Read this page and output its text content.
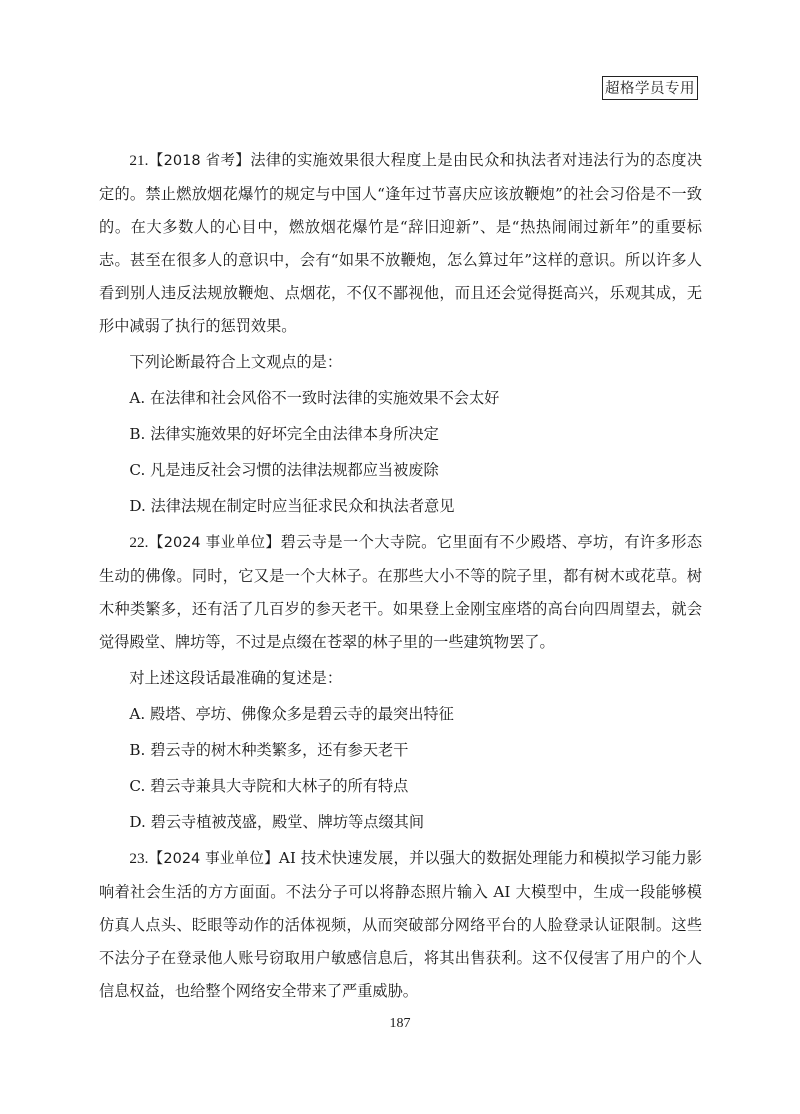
超格学员专用

21.【2018 省考】法律的实施效果很大程度上是由民众和执法者对违法行为的态度决定的。禁止燃放烟花爆竹的规定与中国人“逢年过节喜庆应该放鞭炮”的社会习俗是不一致的。在大多数人的心目中，燃放烟花爆竹是“辞旧迎新”、是“热热闹闹过新年”的重要标志。甚至在很多人的意识中，会有“如果不放鞭炮，怎么算过年”这样的意识。所以许多人看到别人违反法规放鞭炮、点烟花，不仅不鄙视他，而且还会觉得挺高兴，乐观其成，无形中减弱了执行的惩罚效果。

下列论断最符合上文观点的是：

A. 在法律和社会风俗不一致时法律的实施效果不会太好

B. 法律实施效果的好坏完全由法律本身所决定

C. 凡是违反社会习惯的法律法规都应当被废除

D. 法律法规在制定时应当征求民众和执法者意见

22.【2024 事业单位】碧云寺是一个大寺院。它里面有不少殿塔、亭坊，有许多形态生动的佛像。同时，它又是一个大林子。在那些大小不等的院子里，都有树木或花草。树木种类繁多，还有活了几百岁的参天老干。如果登上金刚宝座塔的高台向四周望去，就会觉得殿堂、牌坊等，不过是点缀在苍翠的林子里的一些建筑物罢了。

对上述这段话最准确的复述是：

A. 殿塔、亭坊、佛像众多是碧云寺的最突出特征

B. 碧云寺的树木种类繁多，还有参天老干

C. 碧云寺兼具大寺院和大林子的所有特点

D. 碧云寺植被茂盛，殿堂、牌坊等点缀其间

23.【2024 事业单位】AI 技术快速发展，并以强大的数据处理能力和模拟学习能力影响着社会生活的方方面面。不法分子可以将静态照片输入 AI 大模型中，生成一段能够模仿真人点头、眨眼等动作的活体视频，从而突破部分网络平台的人脸登录认证限制。这些不法分子在登录他人账号窃取用户敏感信息后，将其出售获利。这不仅侵害了用户的个人信息权益，也给整个网络安全带来了严重威胁。

187
